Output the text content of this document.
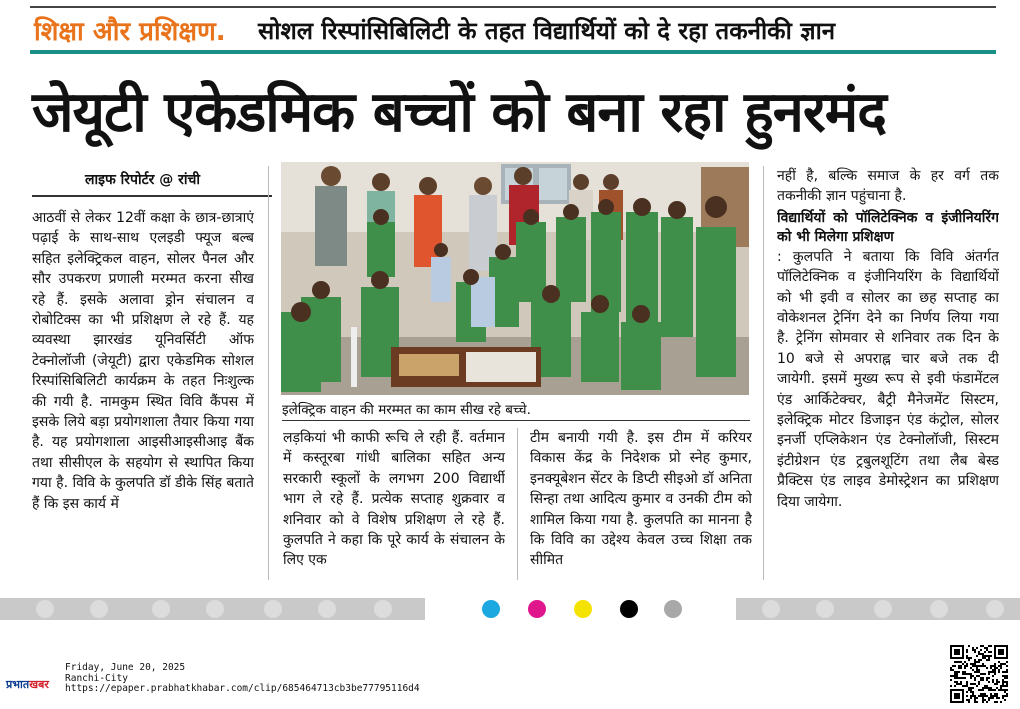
शिक्षा और प्रशिक्षण. सोशल रिस्पांसिबिलिटी के तहत विद्यार्थियों को दे रहा तकनीकी ज्ञान
जेयूटी एकेडमिक बच्चों को बना रहा हुनरमंद
लाइफ रिपोर्टर @ रांची
आठवीं से लेकर 12वीं कक्षा के छात्र-छात्राएं पढ़ाई के साथ-साथ एलइडी फ्यूज बल्ब सहित इलेक्ट्रिकल वाहन, सोलर पैनल और सौर उपकरण प्रणाली मरम्मत करना सीख रहे हैं. इसके अलावा ड्रोन संचालन व रोबोटिक्स का भी प्रशिक्षण ले रहे हैं. यह व्यवस्था झारखंड यूनिवर्सिटी ऑफ टेक्नोलॉजी (जेयूटी) द्वारा एकेडमिक सोशल रिस्पांसिबिलिटी कार्यक्रम के तहत निःशुल्क की गयी है. नामकुम स्थित विवि कैंपस में इसके लिये बड़ा प्रयोगशाला तैयार किया गया है. यह प्रयोगशाला आइसीआइसीआइ बैंक तथा सीसीएल के सहयोग से स्थापित किया गया है. विवि के कुलपति डॉ डीके सिंह बताते हैं कि इस कार्य में
इलेक्ट्रिक वाहन की मरम्मत का काम सीख रहे बच्चे.
लड़कियां भी काफी रूचि ले रही हैं. वर्तमान में कस्तूरबा गांधी बालिका सहित अन्य सरकारी स्कूलों के लगभग 200 विद्यार्थी भाग ले रहे हैं. प्रत्येक सप्ताह शुक्रवार व शनिवार को वे विशेष प्रशिक्षण ले रहे हैं. कुलपति ने कहा कि पूरे कार्य के संचालन के लिए एक
टीम बनायी गयी है. इस टीम में करियर विकास केंद्र के निदेशक प्रो स्नेह कुमार, इनक्यूबेशन सेंटर के डिप्टी सीइओ डॉ अनिता सिन्हा तथा आदित्य कुमार व उनकी टीम को शामिल किया गया है. कुलपति का मानना है कि विवि का उद्देश्य केवल उच्च शिक्षा तक सीमित

नहीं है, बल्कि समाज के हर वर्ग तक तकनीकी ज्ञान पहुंचाना है.

विद्यार्थियों को पॉलिटेक्निक व इंजीनियरिंग को भी मिलेगा प्रशिक्षण

: कुलपति ने बताया कि विवि अंतर्गत पॉलिटेक्निक व इंजीनियरिंग के विद्यार्थियों को भी इवी व सोलर का छह सप्ताह का वोकेशनल ट्रेनिंग देने का निर्णय लिया गया है. ट्रेनिंग सोमवार से शनिवार तक दिन के 10 बजे से अपराह्न चार बजे तक दी जायेगी. इसमें मुख्य रूप से इवी फंडामेंटल एंड आर्किटेक्चर, बैट्री मैनेजमेंट सिस्टम, इलेक्ट्रिक मोटर डिजाइन एंड कंट्रोल, सोलर इनर्जी एप्लिकेशन एंड टेक्नोलॉजी, सिस्टम इंटीग्रेशन एंड ट्रबुलशूटिंग तथा लैब बेस्ड प्रैक्टिस एंड लाइव डेमोस्ट्रेशन का प्रशिक्षण दिया जायेगा.

प्रभातखबर
Friday, June 20, 2025
Ranchi-City
https://epaper.prabhatkhabar.com/clip/685464713cb3be77795116d4
